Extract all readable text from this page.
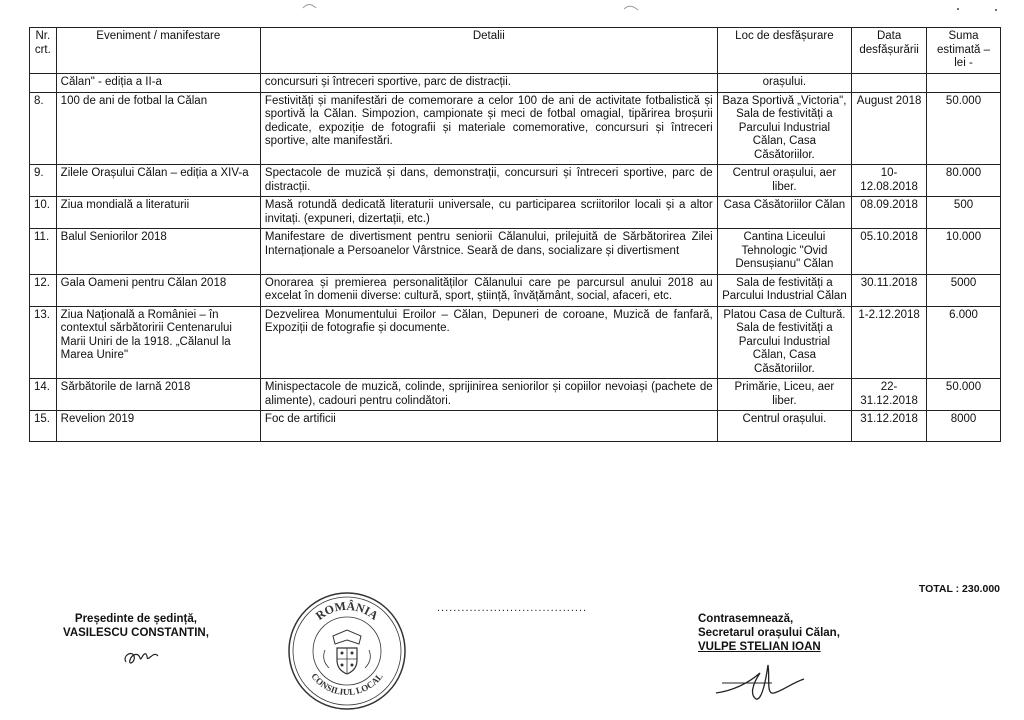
Nr. crt.	Eveniment / manifestare	Detalii	Loc de desfășurare	Data desfășurării	Suma estimată – lei -
	Călan" - ediția a II-a	concursuri și întreceri sportive, parc de distracții.	orașului.		
8.	100 de ani de fotbal la Călan	Festivități și manifestări de comemorare a celor 100 de ani de activitate fotbalistică și sportivă la Călan. Simpozion, campionate și meci de fotbal omagial, tipărirea broșurii dedicate, expoziție de fotografii și materiale comemorative, concursuri și întreceri sportive, alte manifestări.	Baza Sportivă „Victoria", Sala de festivități a Parcului Industrial Călan, Casa Căsătoriilor.	August 2018	50.000
9.	Zilele Orașului Călan – ediția a XIV-a	Spectacole de muzică și dans, demonstrații, concursuri și întreceri sportive, parc de distracții.	Centrul orașului, aer liber.	10-12.08.2018	80.000
10.	Ziua mondială a literaturii	Masă rotundă dedicată literaturii universale, cu participarea scriitorilor locali și a altor invitați. (expuneri, dizertații, etc.)	Casa Căsătoriilor Călan	08.09.2018	500
11.	Balul Seniorilor 2018	Manifestare de divertisment pentru seniorii Călanului, prilejuită de Sărbătorirea Zilei Internaționale a Persoanelor Vârstnice. Seară de dans, socializare și divertisment	Cantina Liceului Tehnologic "Ovid Densușianu" Călan	05.10.2018	10.000
12.	Gala Oameni pentru Călan 2018	Onorarea și premierea personalităților Călanului care pe parcursul anului 2018 au excelat în domenii diverse: cultură, sport, știință, învățământ, social, afaceri, etc.	Sala de festivități a Parcului Industrial Călan	30.11.2018	5000
13.	Ziua Națională a României – în contextul sărbătoririi Centenarului Marii Uniri de la 1918. „Călanul la Marea Unire"	Dezvelirea Monumentului Eroilor – Călan, Depuneri de coroane, Muzică de fanfară, Expoziții de fotografie și documente.	Platou Casa de Cultură. Sala de festivități a Parcului Industrial Călan, Casa Căsătoriilor.	1-2.12.2018	6.000
14.	Sărbătorile de Iarnă 2018	Minispectacole de muzică, colinde, sprijinirea seniorilor și copiilor nevoiași (pachete de alimente), cadouri pentru colindători.	Primărie, Liceu, aer liber.	22-31.12.2018	50.000
15.	Revelion 2019	Foc de artificii	Centrul orașului.	31.12.2018	8000
TOTAL : 230.000
Președinte de ședință,
VASILESCU CONSTANTIN,
.....................................
ROMÂNIA
CONSILIUL LOCAL
Contrasemnează,
Secretarul orașului Călan,
VULPE STELIAN IOAN
